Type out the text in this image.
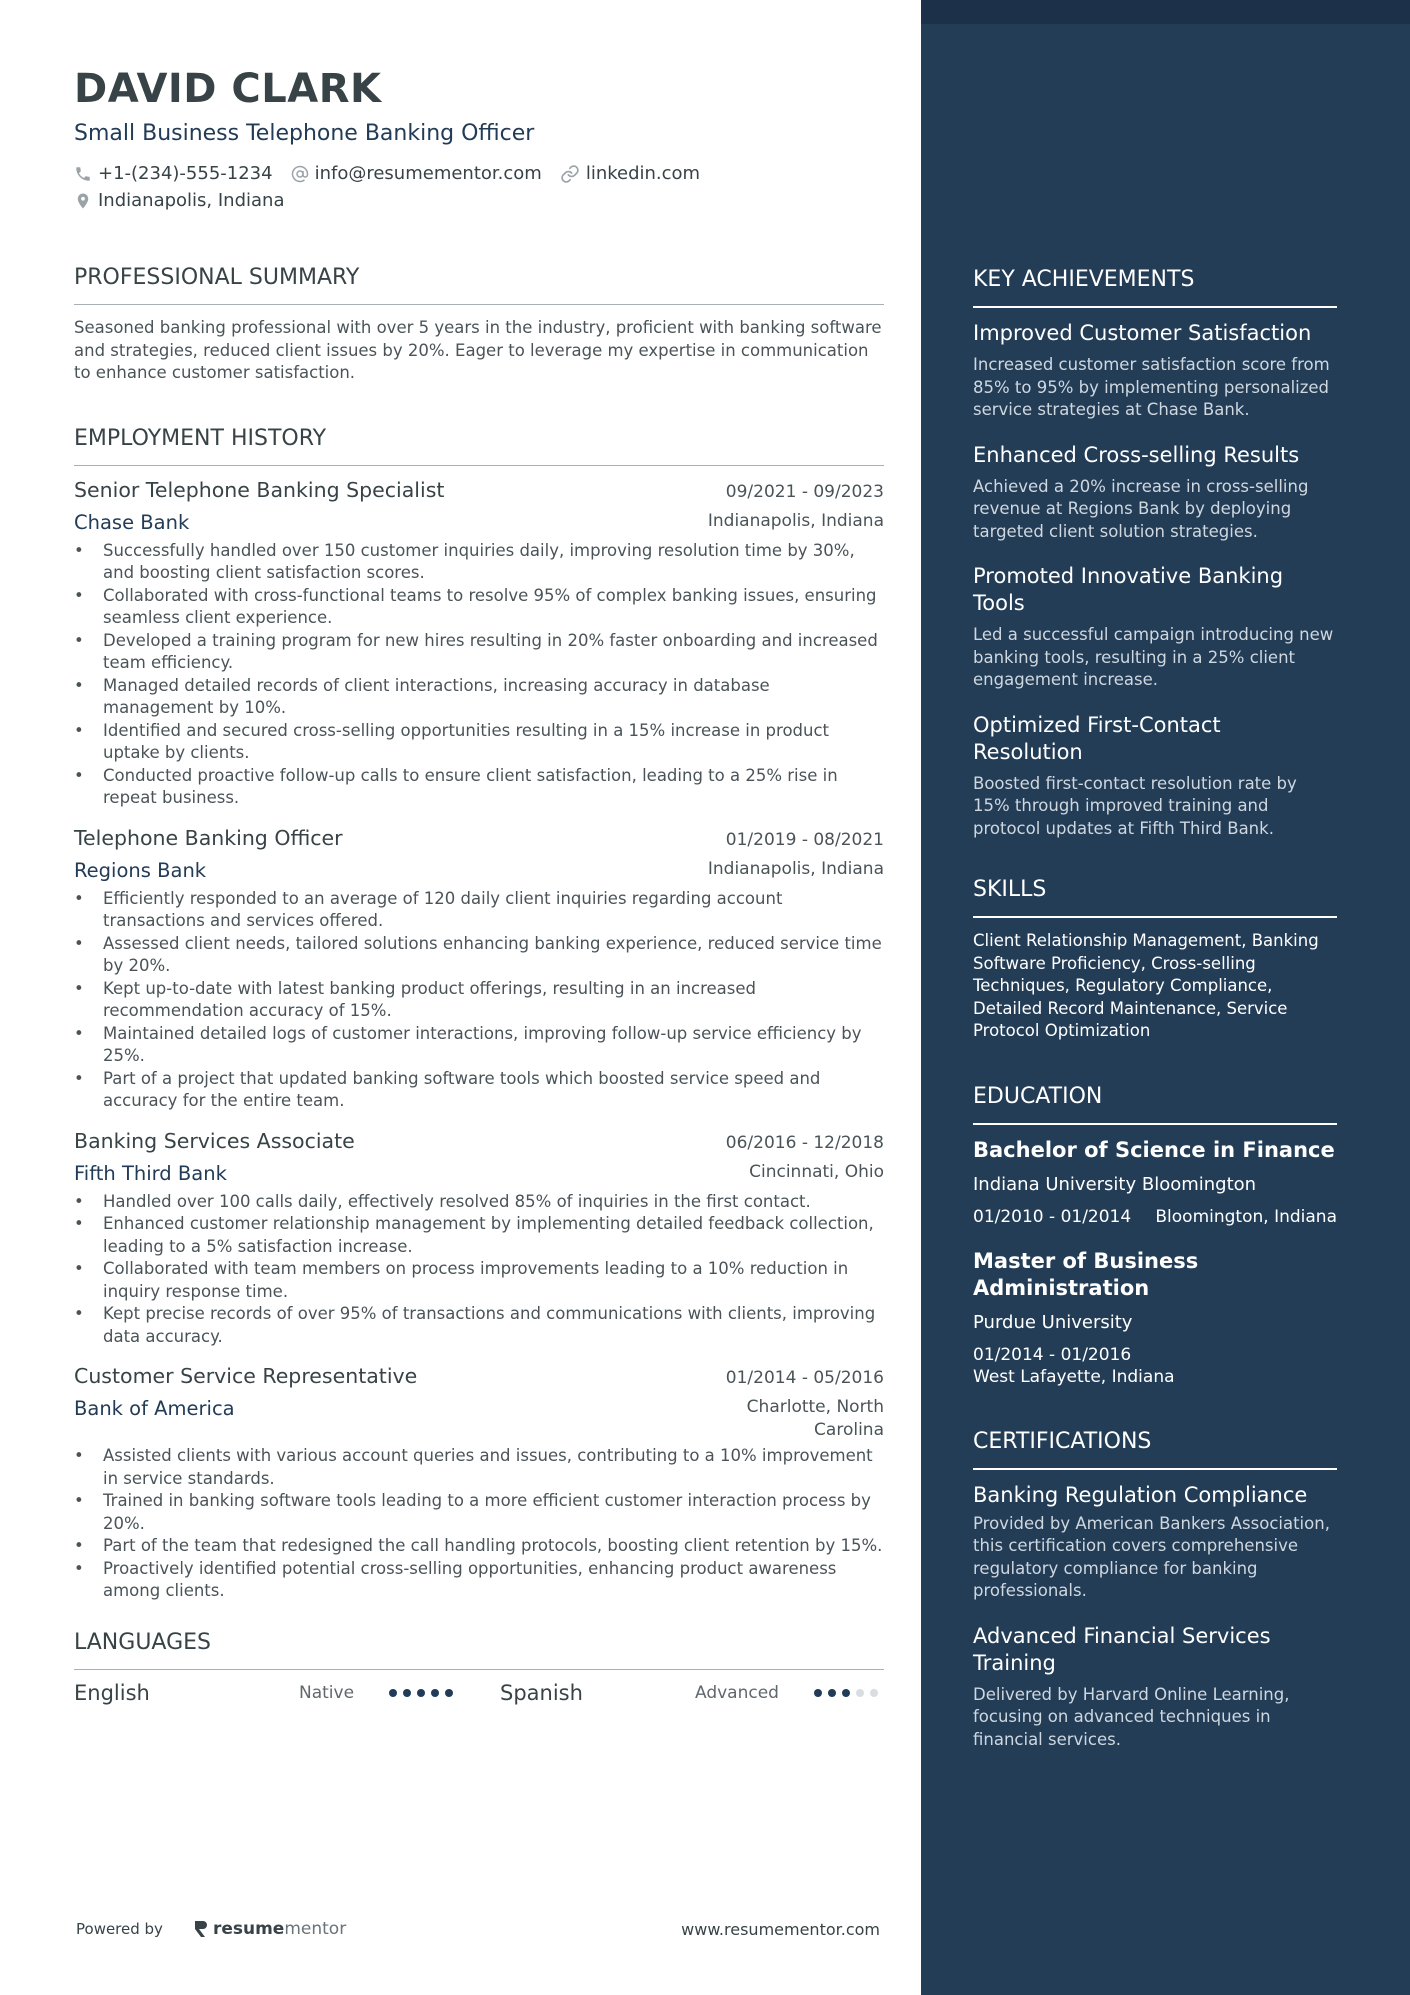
DAVID CLARK
Small Business Telephone Banking Officer
+1-(234)-555-1234 info@resumementor.com linkedin.com
Indianapolis, Indiana
PROFESSIONAL SUMMARY
Seasoned banking professional with over 5 years in the industry, proficient with banking software and strategies, reduced client issues by 20%. Eager to leverage my expertise in communication to enhance customer satisfaction.
EMPLOYMENT HISTORY
Senior Telephone Banking Specialist	09/2021 - 09/2023
Chase Bank	Indianapolis, Indiana
• Successfully handled over 150 customer inquiries daily, improving resolution time by 30%, and boosting client satisfaction scores.
• Collaborated with cross-functional teams to resolve 95% of complex banking issues, ensuring seamless client experience.
• Developed a training program for new hires resulting in 20% faster onboarding and increased team efficiency.
• Managed detailed records of client interactions, increasing accuracy in database management by 10%.
• Identified and secured cross-selling opportunities resulting in a 15% increase in product uptake by clients.
• Conducted proactive follow-up calls to ensure client satisfaction, leading to a 25% rise in repeat business.
Telephone Banking Officer	01/2019 - 08/2021
Regions Bank	Indianapolis, Indiana
• Efficiently responded to an average of 120 daily client inquiries regarding account transactions and services offered.
• Assessed client needs, tailored solutions enhancing banking experience, reduced service time by 20%.
• Kept up-to-date with latest banking product offerings, resulting in an increased recommendation accuracy of 15%.
• Maintained detailed logs of customer interactions, improving follow-up service efficiency by 25%.
• Part of a project that updated banking software tools which boosted service speed and accuracy for the entire team.
Banking Services Associate	06/2016 - 12/2018
Fifth Third Bank	Cincinnati, Ohio
• Handled over 100 calls daily, effectively resolved 85% of inquiries in the first contact.
• Enhanced customer relationship management by implementing detailed feedback collection, leading to a 5% satisfaction increase.
• Collaborated with team members on process improvements leading to a 10% reduction in inquiry response time.
• Kept precise records of over 95% of transactions and communications with clients, improving data accuracy.
Customer Service Representative	01/2014 - 05/2016
Bank of America	Charlotte, North Carolina
• Assisted clients with various account queries and issues, contributing to a 10% improvement in service standards.
• Trained in banking software tools leading to a more efficient customer interaction process by 20%.
• Part of the team that redesigned the call handling protocols, boosting client retention by 15%.
• Proactively identified potential cross-selling opportunities, enhancing product awareness among clients.
LANGUAGES
English	Native	Spanish	Advanced
Powered by	resume mentor	www.resumementor.com
KEY ACHIEVEMENTS
Improved Customer Satisfaction
Increased customer satisfaction score from 85% to 95% by implementing personalized service strategies at Chase Bank.
Enhanced Cross-selling Results
Achieved a 20% increase in cross-selling revenue at Regions Bank by deploying targeted client solution strategies.
Promoted Innovative Banking Tools
Led a successful campaign introducing new banking tools, resulting in a 25% client engagement increase.
Optimized First-Contact Resolution
Boosted first-contact resolution rate by 15% through improved training and protocol updates at Fifth Third Bank.
SKILLS
Client Relationship Management, Banking Software Proficiency, Cross-selling Techniques, Regulatory Compliance, Detailed Record Maintenance, Service Protocol Optimization
EDUCATION
Bachelor of Science in Finance
Indiana University Bloomington
01/2010 - 01/2014 Bloomington, Indiana
Master of Business Administration
Purdue University
01/2014 - 01/2016
West Lafayette, Indiana
CERTIFICATIONS
Banking Regulation Compliance
Provided by American Bankers Association, this certification covers comprehensive regulatory compliance for banking professionals.
Advanced Financial Services Training
Delivered by Harvard Online Learning, focusing on advanced techniques in financial services.
